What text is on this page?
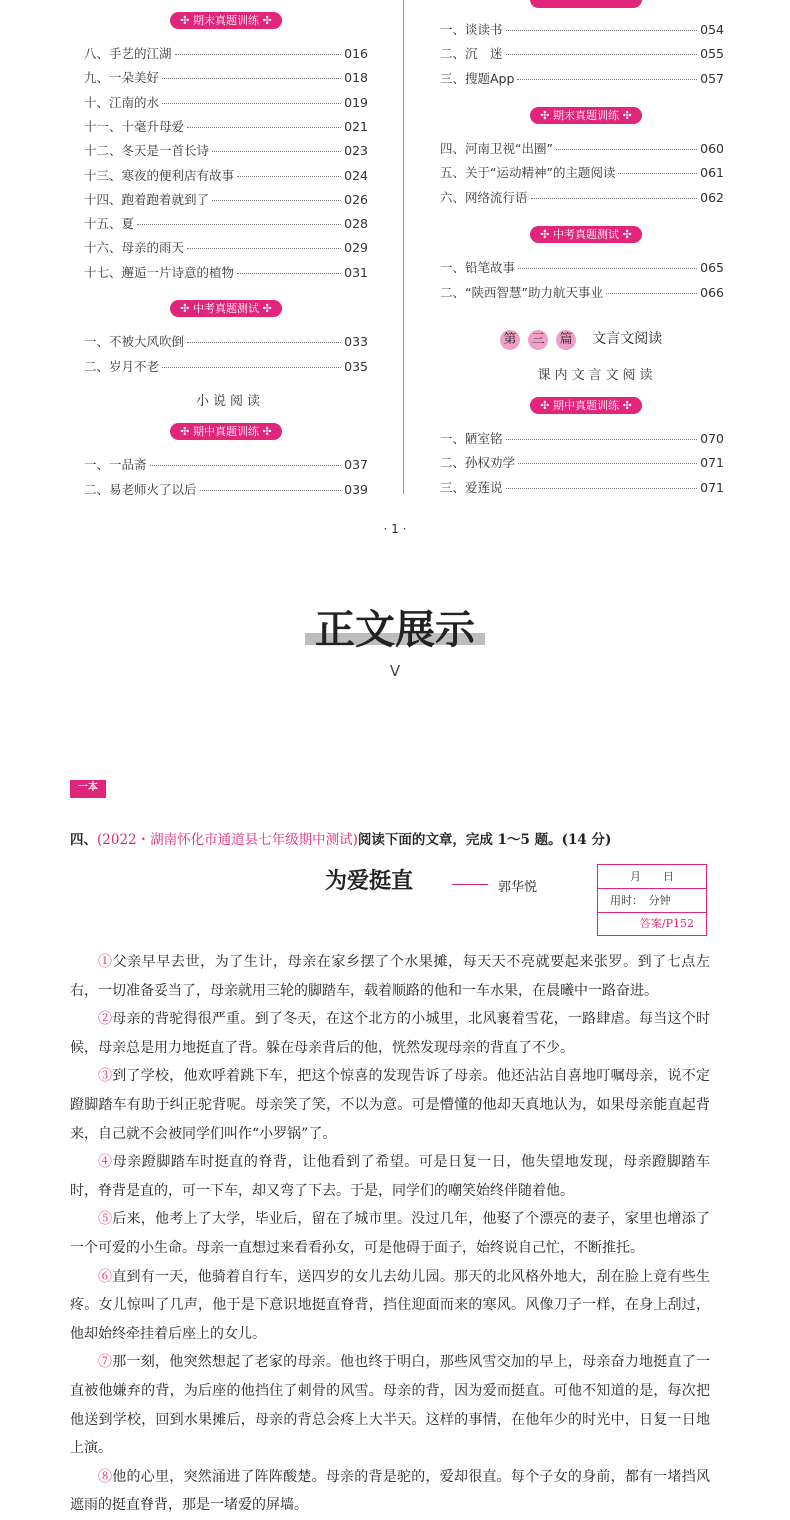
第 三 篇 文言文阅读
课内文言文阅读
小说阅读
· 1 ·
正文展示
V
一本
四、(2022・湖南怀化市通道县七年级期中测试)阅读下面的文章，完成 1～5 题。(14 分)
为爱挺直	郭华悦
月　　日
用时：　分钟
答案/P152
①父亲早早去世，为了生计，母亲在家乡摆了个水果摊，每天天不亮就要起来张罗。到了七点左右，一切准备妥当了，母亲就用三轮的脚踏车，载着顺路的他和一车水果，在晨曦中一路奋进。
②母亲的背驼得很严重。到了冬天，在这个北方的小城里，北风裹着雪花，一路肆虐。每当这个时候，母亲总是用力地挺直了背。躲在母亲背后的他，恍然发现母亲的背直了不少。
③到了学校，他欢呼着跳下车，把这个惊喜的发现告诉了母亲。他还沾沾自喜地叮嘱母亲，说不定蹬脚踏车有助于纠正驼背呢。母亲笑了笑，不以为意。可是懵懂的他却天真地认为，如果母亲能直起背来，自己就不会被同学们叫作“小罗锅”了。
④母亲蹬脚踏车时挺直的脊背，让他看到了希望。可是日复一日，他失望地发现，母亲蹬脚踏车时，脊背是直的，可一下车，却又弯了下去。于是，同学们的嘲笑始终伴随着他。
⑤后来，他考上了大学，毕业后，留在了城市里。没过几年，他娶了个漂亮的妻子，家里也增添了一个可爱的小生命。母亲一直想过来看看孙女，可是他碍于面子，始终说自己忙，不断推托。
⑥直到有一天，他骑着自行车，送四岁的女儿去幼儿园。那天的北风格外地大，刮在脸上竟有些生疼。女儿惊叫了几声，他于是下意识地挺直脊背，挡住迎面而来的寒风。风像刀子一样，在身上刮过，他却始终牵挂着后座上的女儿。
⑦那一刻，他突然想起了老家的母亲。他也终于明白，那些风雪交加的早上，母亲奋力地挺直了一直被他嫌弃的背，为后座的他挡住了刺骨的风雪。母亲的背，因为爱而挺直。可他不知道的是，每次把他送到学校，回到水果摊后，母亲的背总会疼上大半天。这样的事情，在他年少的时光中，日复一日地上演。
⑧他的心里，突然涌进了阵阵酸楚。母亲的背是驼的，爱却很直。每个子女的身前，都有一堵挡风遮雨的挺直脊背，那是一堵爱的屏墙。
✣ 期末真题训练 ✣
八、手艺的江湖	016
九、一朵美好	018
十、江南的水	019
十一、十毫升母爱	021
十二、冬天是一首长诗	023
十三、寒夜的便利店有故事	024
十四、跑着跑着就到了	026
十五、夏	028
十六、母亲的雨天	029
十七、邂逅一片诗意的植物	031
✣ 中考真题测试 ✣
一、不被大风吹倒	033
二、岁月不老	035
✣ 期中真题训练 ✣
一、一品斋	037
二、易老师火了以后	039
一、谈读书	054
二、沉　迷	055
三、搜题App	057
✣ 期末真题训练 ✣
四、河南卫视“出圈”	060
五、关于“运动精神”的主题阅读	061
六、网络流行语	062
✣ 中考真题测试 ✣
一、铅笔故事	065
二、“陕西智慧”助力航天事业	066
✣ 期中真题训练 ✣
一、陋室铭	070
二、孙权劝学	071
三、爱莲说	071
